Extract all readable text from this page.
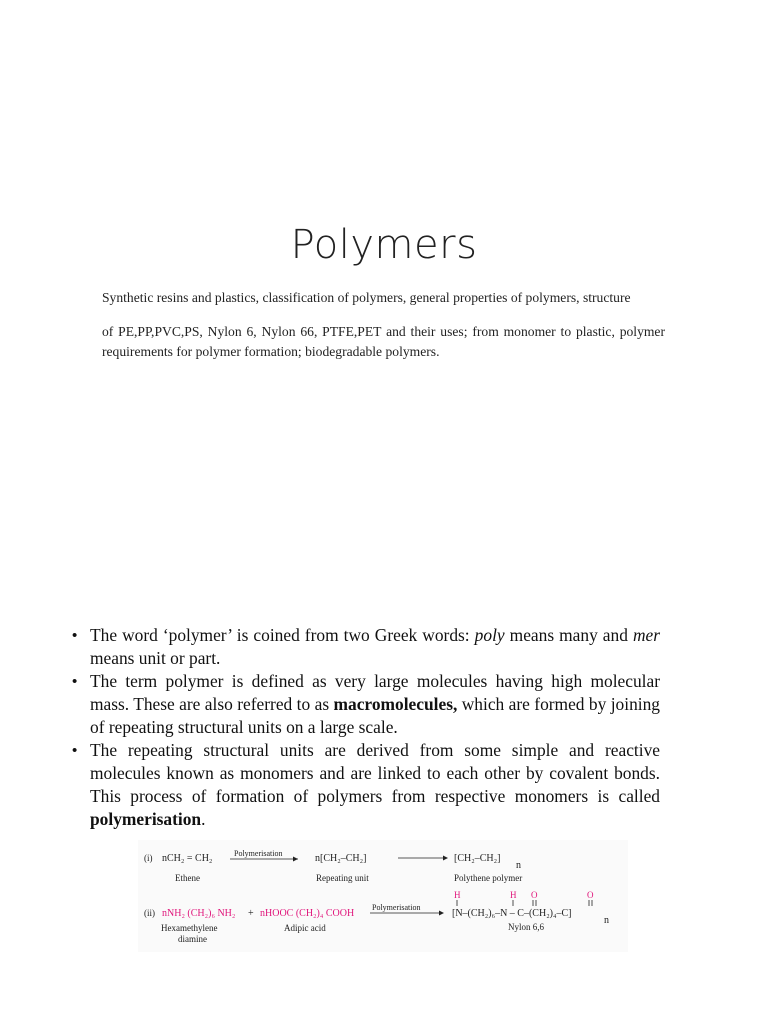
Polymers

Synthetic resins and plastics, classification of polymers, general properties of polymers, structure

of PE,PP,PVC,PS, Nylon 6, Nylon 66, PTFE,PET and their uses; from monomer to plastic, polymer requirements for polymer formation; biodegradable polymers.

• The word ‘polymer’ is coined from two Greek words: poly means many and mer means unit or part.
• The term polymer is defined as very large molecules having high molecular mass. These are also referred to as macromolecules, which are formed by joining of repeating structural units on a large scale.
• The repeating structural units are derived from some simple and reactive molecules known as monomers and are linked to each other by covalent bonds. This process of formation of polymers from respective monomers is called polymerisation.
(i) nCH₂ = CH₂	Polymerisation
Ethene
n[CH₂–CH₂]
Repeating unit
[CH₂–CH₂]
n
Polythene polymer
H	H O	O
(ii) nNH₂ (CH₂)₆ NH₂ + nHOOC (CH₂)₄ COOH
Polymerisation
[N–(CH₂)₆–N – C–(CH₂)₄–C]
n
Hexamethylene
diamine
Adipic acid	Nylon 6,6
